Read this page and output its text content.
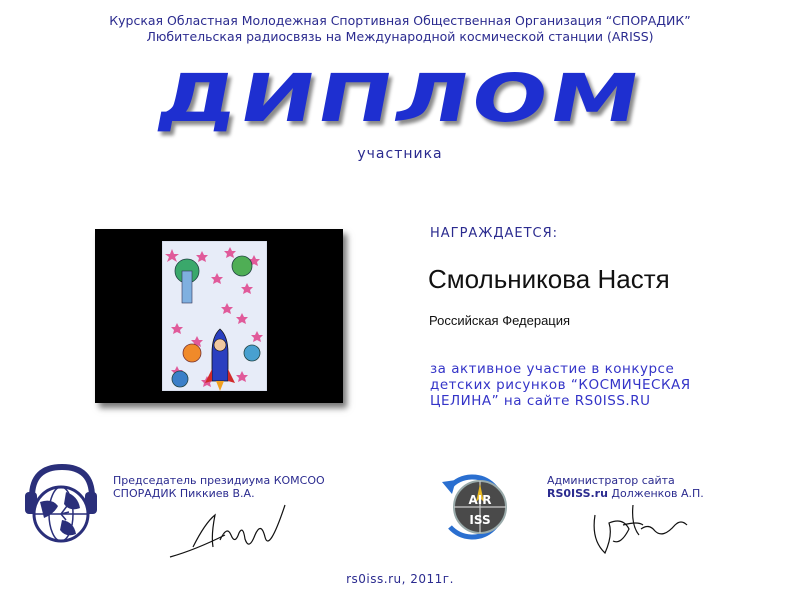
Курская Областная Молодежная Спортивная Общественная Организация “СПОРАДИК”
Любительская радиосвязь на Международной космической станции (ARISS)
ДИПЛОМ
участника
НАГРАЖДАЕТСЯ:
Смольникова Настя
Российская Федерация
за активное участие в конкурсе
детских рисунков “КОСМИЧЕСКАЯ
ЦЕЛИНА” на сайте RS0ISS.RU
Председатель президиума КОМСОО
СПОРАДИК Пиккиев В.А.	AIR
ISS
Администратор сайта
RS0ISS.ru Долженков А.П.
rs0iss.ru, 2011г.
